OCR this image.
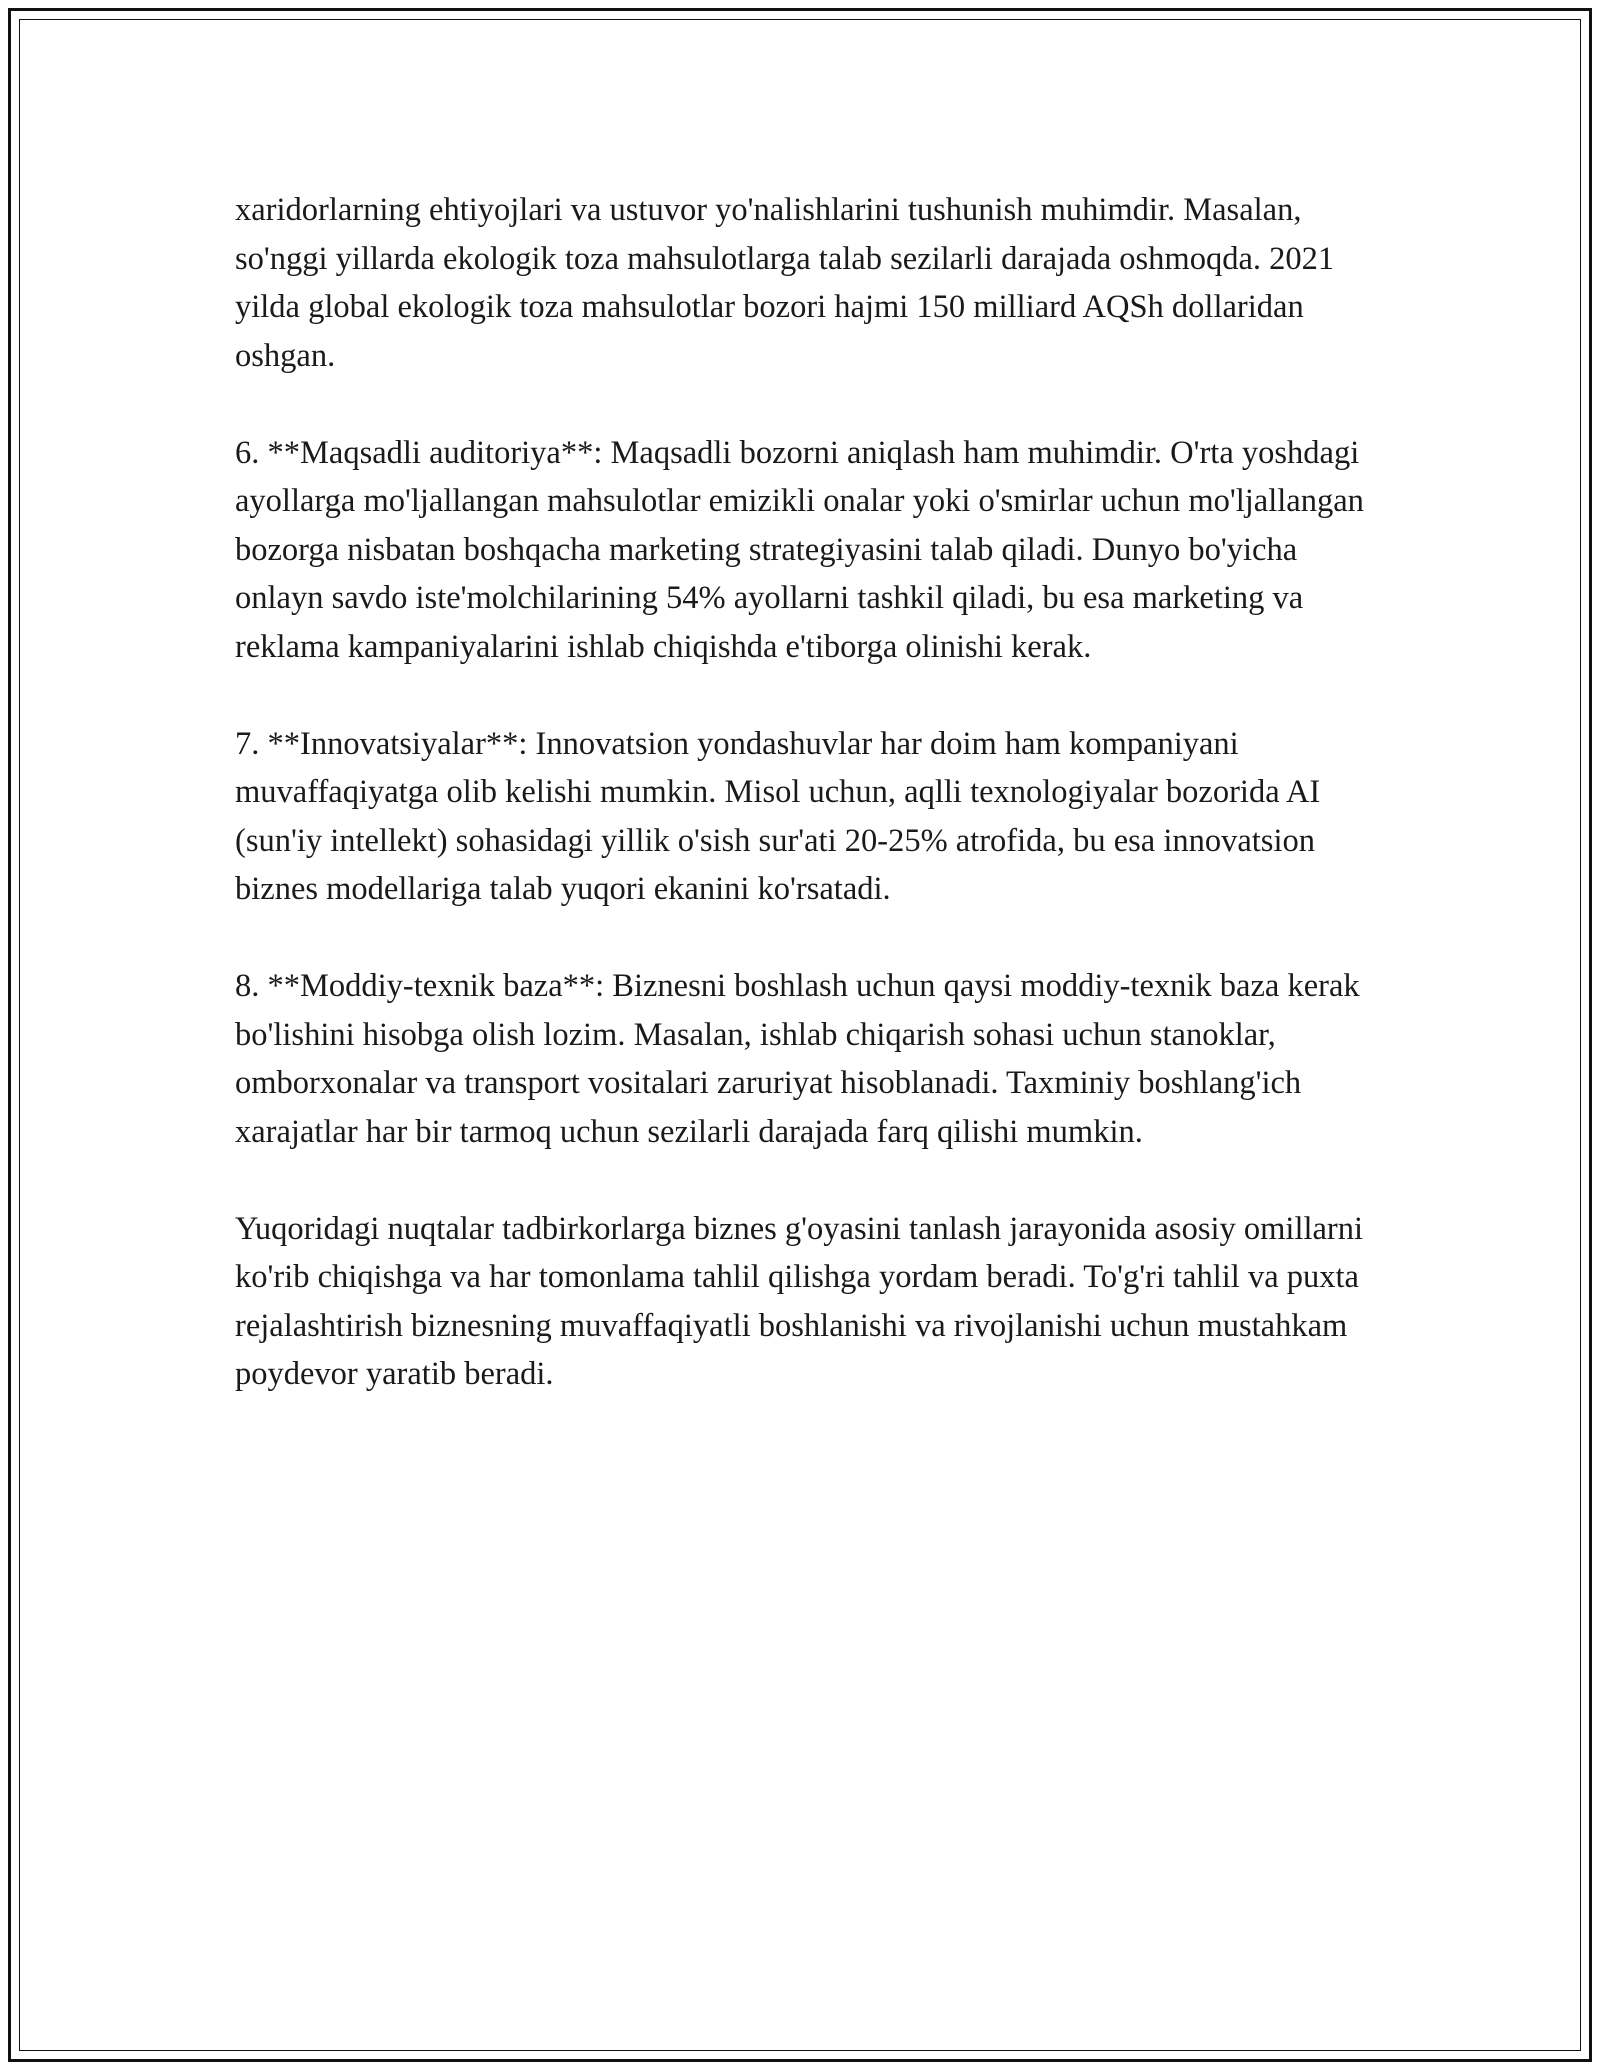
xaridorlarning ehtiyojlari va ustuvor yo'nalishlarini tushunish muhimdir. Masalan, so'nggi yillarda ekologik toza mahsulotlarga talab sezilarli darajada oshmoqda. 2021 yilda global ekologik toza mahsulotlar bozori hajmi 150 milliard AQSh dollaridan oshgan.

6. **Maqsadli auditoriya**: Maqsadli bozorni aniqlash ham muhimdir. O'rta yoshdagi ayollarga mo'ljallangan mahsulotlar emizikli onalar yoki o'smirlar uchun mo'ljallangan bozorga nisbatan boshqacha marketing strategiyasini talab qiladi. Dunyo bo'yicha onlayn savdo iste'molchilarining 54% ayollarni tashkil qiladi, bu esa marketing va reklama kampaniyalarini ishlab chiqishda e'tiborga olinishi kerak.

7. **Innovatsiyalar**: Innovatsion yondashuvlar har doim ham kompaniyani muvaffaqiyatga olib kelishi mumkin. Misol uchun, aqlli texnologiyalar bozorida AI (sun'iy intellekt) sohasidagi yillik o'sish sur'ati 20-25% atrofida, bu esa innovatsion biznes modellariga talab yuqori ekanini ko'rsatadi.

8. **Moddiy-texnik baza**: Biznesni boshlash uchun qaysi moddiy-texnik baza kerak bo'lishini hisobga olish lozim. Masalan, ishlab chiqarish sohasi uchun stanoklar, omborxonalar va transport vositalari zaruriyat hisoblanadi. Taxminiy boshlang'ich xarajatlar har bir tarmoq uchun sezilarli darajada farq qilishi mumkin.

Yuqoridagi nuqtalar tadbirkorlarga biznes g'oyasini tanlash jarayonida asosiy omillarni ko'rib chiqishga va har tomonlama tahlil qilishga yordam beradi. To'g'ri tahlil va puxta rejalashtirish biznesning muvaffaqiyatli boshlanishi va rivojlanishi uchun mustahkam poydevor yaratib beradi.
